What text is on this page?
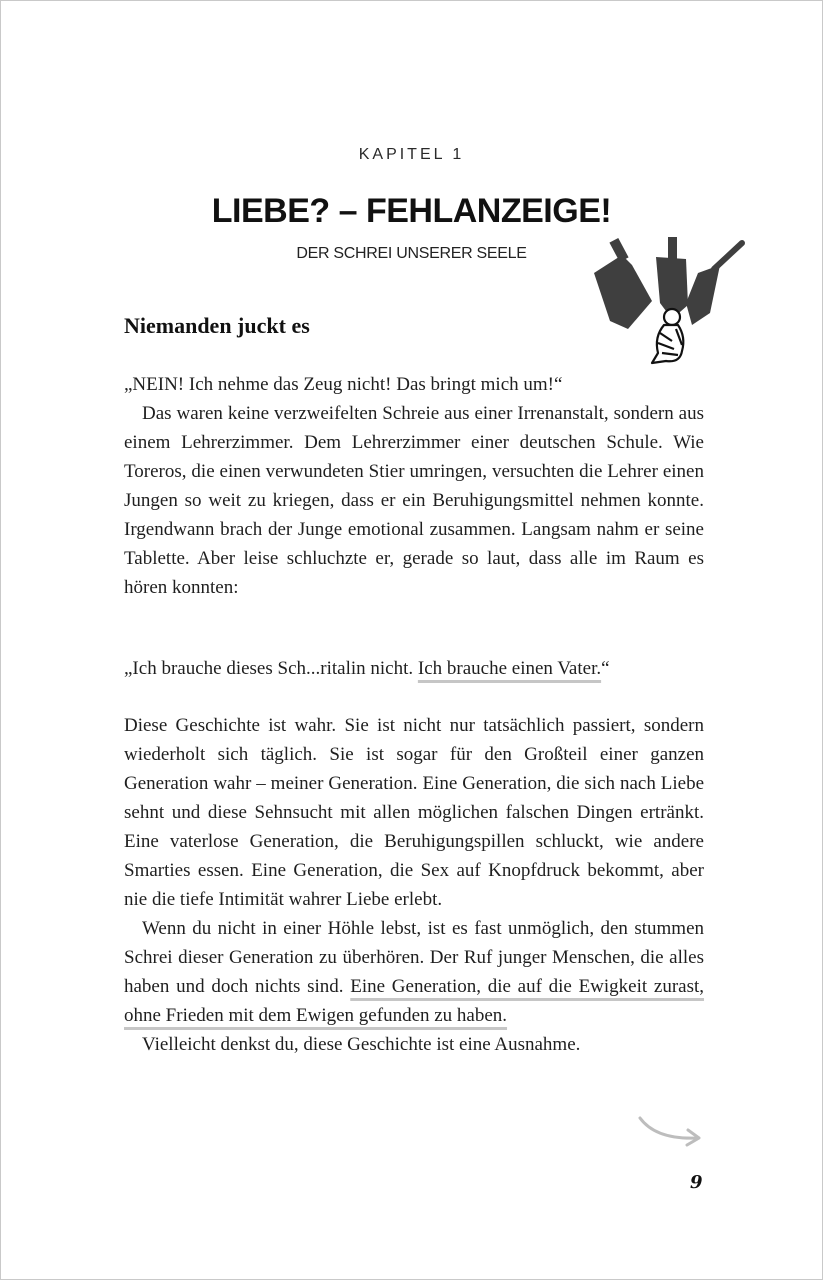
KAPITEL 1
LIEBE? – FEHLANZEIGE!
DER SCHREI UNSERER SEELE
Niemanden juckt es

„NEIN! Ich nehme das Zeug nicht! Das bringt mich um!“

Das waren keine verzweifelten Schreie aus einer Irrenanstalt, sondern aus einem Lehrerzimmer. Dem Lehrerzimmer einer deutschen Schule. Wie Toreros, die einen verwundeten Stier umringen, versuchten die Lehrer einen Jungen so weit zu kriegen, dass er ein Beruhigungsmittel nehmen konnte. Irgendwann brach der Junge emotional zusammen. Langsam nahm er seine Tablette. Aber leise schluchzte er, gerade so laut, dass alle im Raum es hören konnten:

„Ich brauche dieses Sch...ritalin nicht. Ich brauche einen Vater.“

Diese Geschichte ist wahr. Sie ist nicht nur tatsächlich passiert, sondern wiederholt sich täglich. Sie ist sogar für den Großteil einer ganzen Generation wahr – meiner Generation. Eine Generation, die sich nach Liebe sehnt und diese Sehnsucht mit allen möglichen falschen Dingen ertränkt. Eine vaterlose Generation, die Beruhigungspillen schluckt, wie andere Smarties essen. Eine Generation, die Sex auf Knopfdruck bekommt, aber nie die tiefe Intimität wahrer Liebe erlebt.

Wenn du nicht in einer Höhle lebst, ist es fast unmöglich, den stummen Schrei dieser Generation zu überhören. Der Ruf junger Menschen, die alles haben und doch nichts sind. Eine Generation, die auf die Ewigkeit zurast, ohne Frieden mit dem Ewigen gefunden zu haben.

Vielleicht denkst du, diese Geschichte ist eine Ausnahme.

9
